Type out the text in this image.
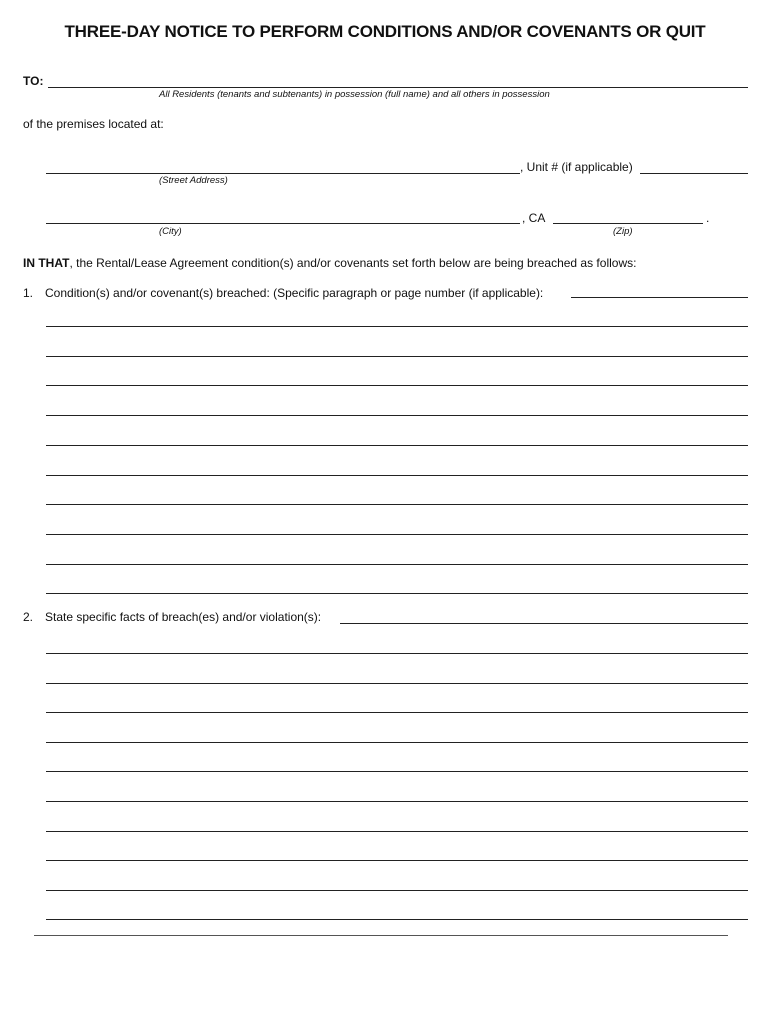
THREE-DAY NOTICE TO PERFORM CONDITIONS AND/OR COVENANTS OR QUIT
TO:
All Residents (tenants and subtenants) in possession (full name) and all others in possession
of the premises located at:
, Unit # (if applicable)
(Street Address)
, CA	.
(City)	(Zip)
IN THAT, the Rental/Lease Agreement condition(s) and/or covenants set forth below are being breached as follows:
1. Condition(s) and/or covenant(s) breached: (Specific paragraph or page number (if applicable):
2. State specific facts of breach(es) and/or violation(s):
